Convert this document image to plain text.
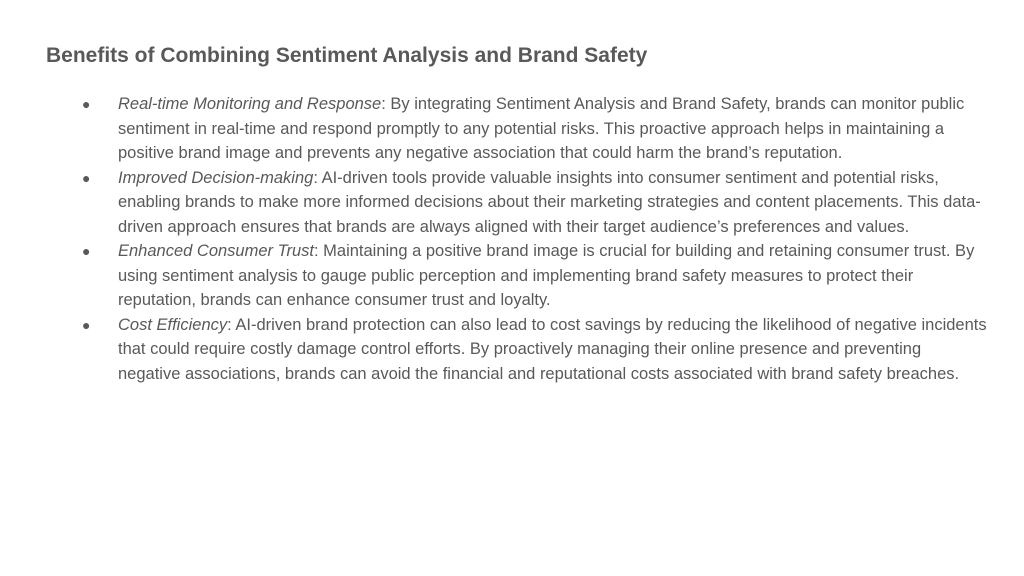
Benefits of Combining Sentiment Analysis and Brand Safety
● Real-time Monitoring and Response: By integrating Sentiment Analysis and Brand Safety, brands can monitor public sentiment in real-time and respond promptly to any potential risks. This proactive approach helps in maintaining a positive brand image and prevents any negative association that could harm the brand’s reputation.
● Improved Decision-making: AI-driven tools provide valuable insights into consumer sentiment and potential risks, enabling brands to make more informed decisions about their marketing strategies and content placements. This data-driven approach ensures that brands are always aligned with their target audience’s preferences and values.
● Enhanced Consumer Trust: Maintaining a positive brand image is crucial for building and retaining consumer trust. By using sentiment analysis to gauge public perception and implementing brand safety measures to protect their reputation, brands can enhance consumer trust and loyalty.
● Cost Efficiency: AI-driven brand protection can also lead to cost savings by reducing the likelihood of negative incidents that could require costly damage control efforts. By proactively managing their online presence and preventing negative associations, brands can avoid the financial and reputational costs associated with brand safety breaches.
